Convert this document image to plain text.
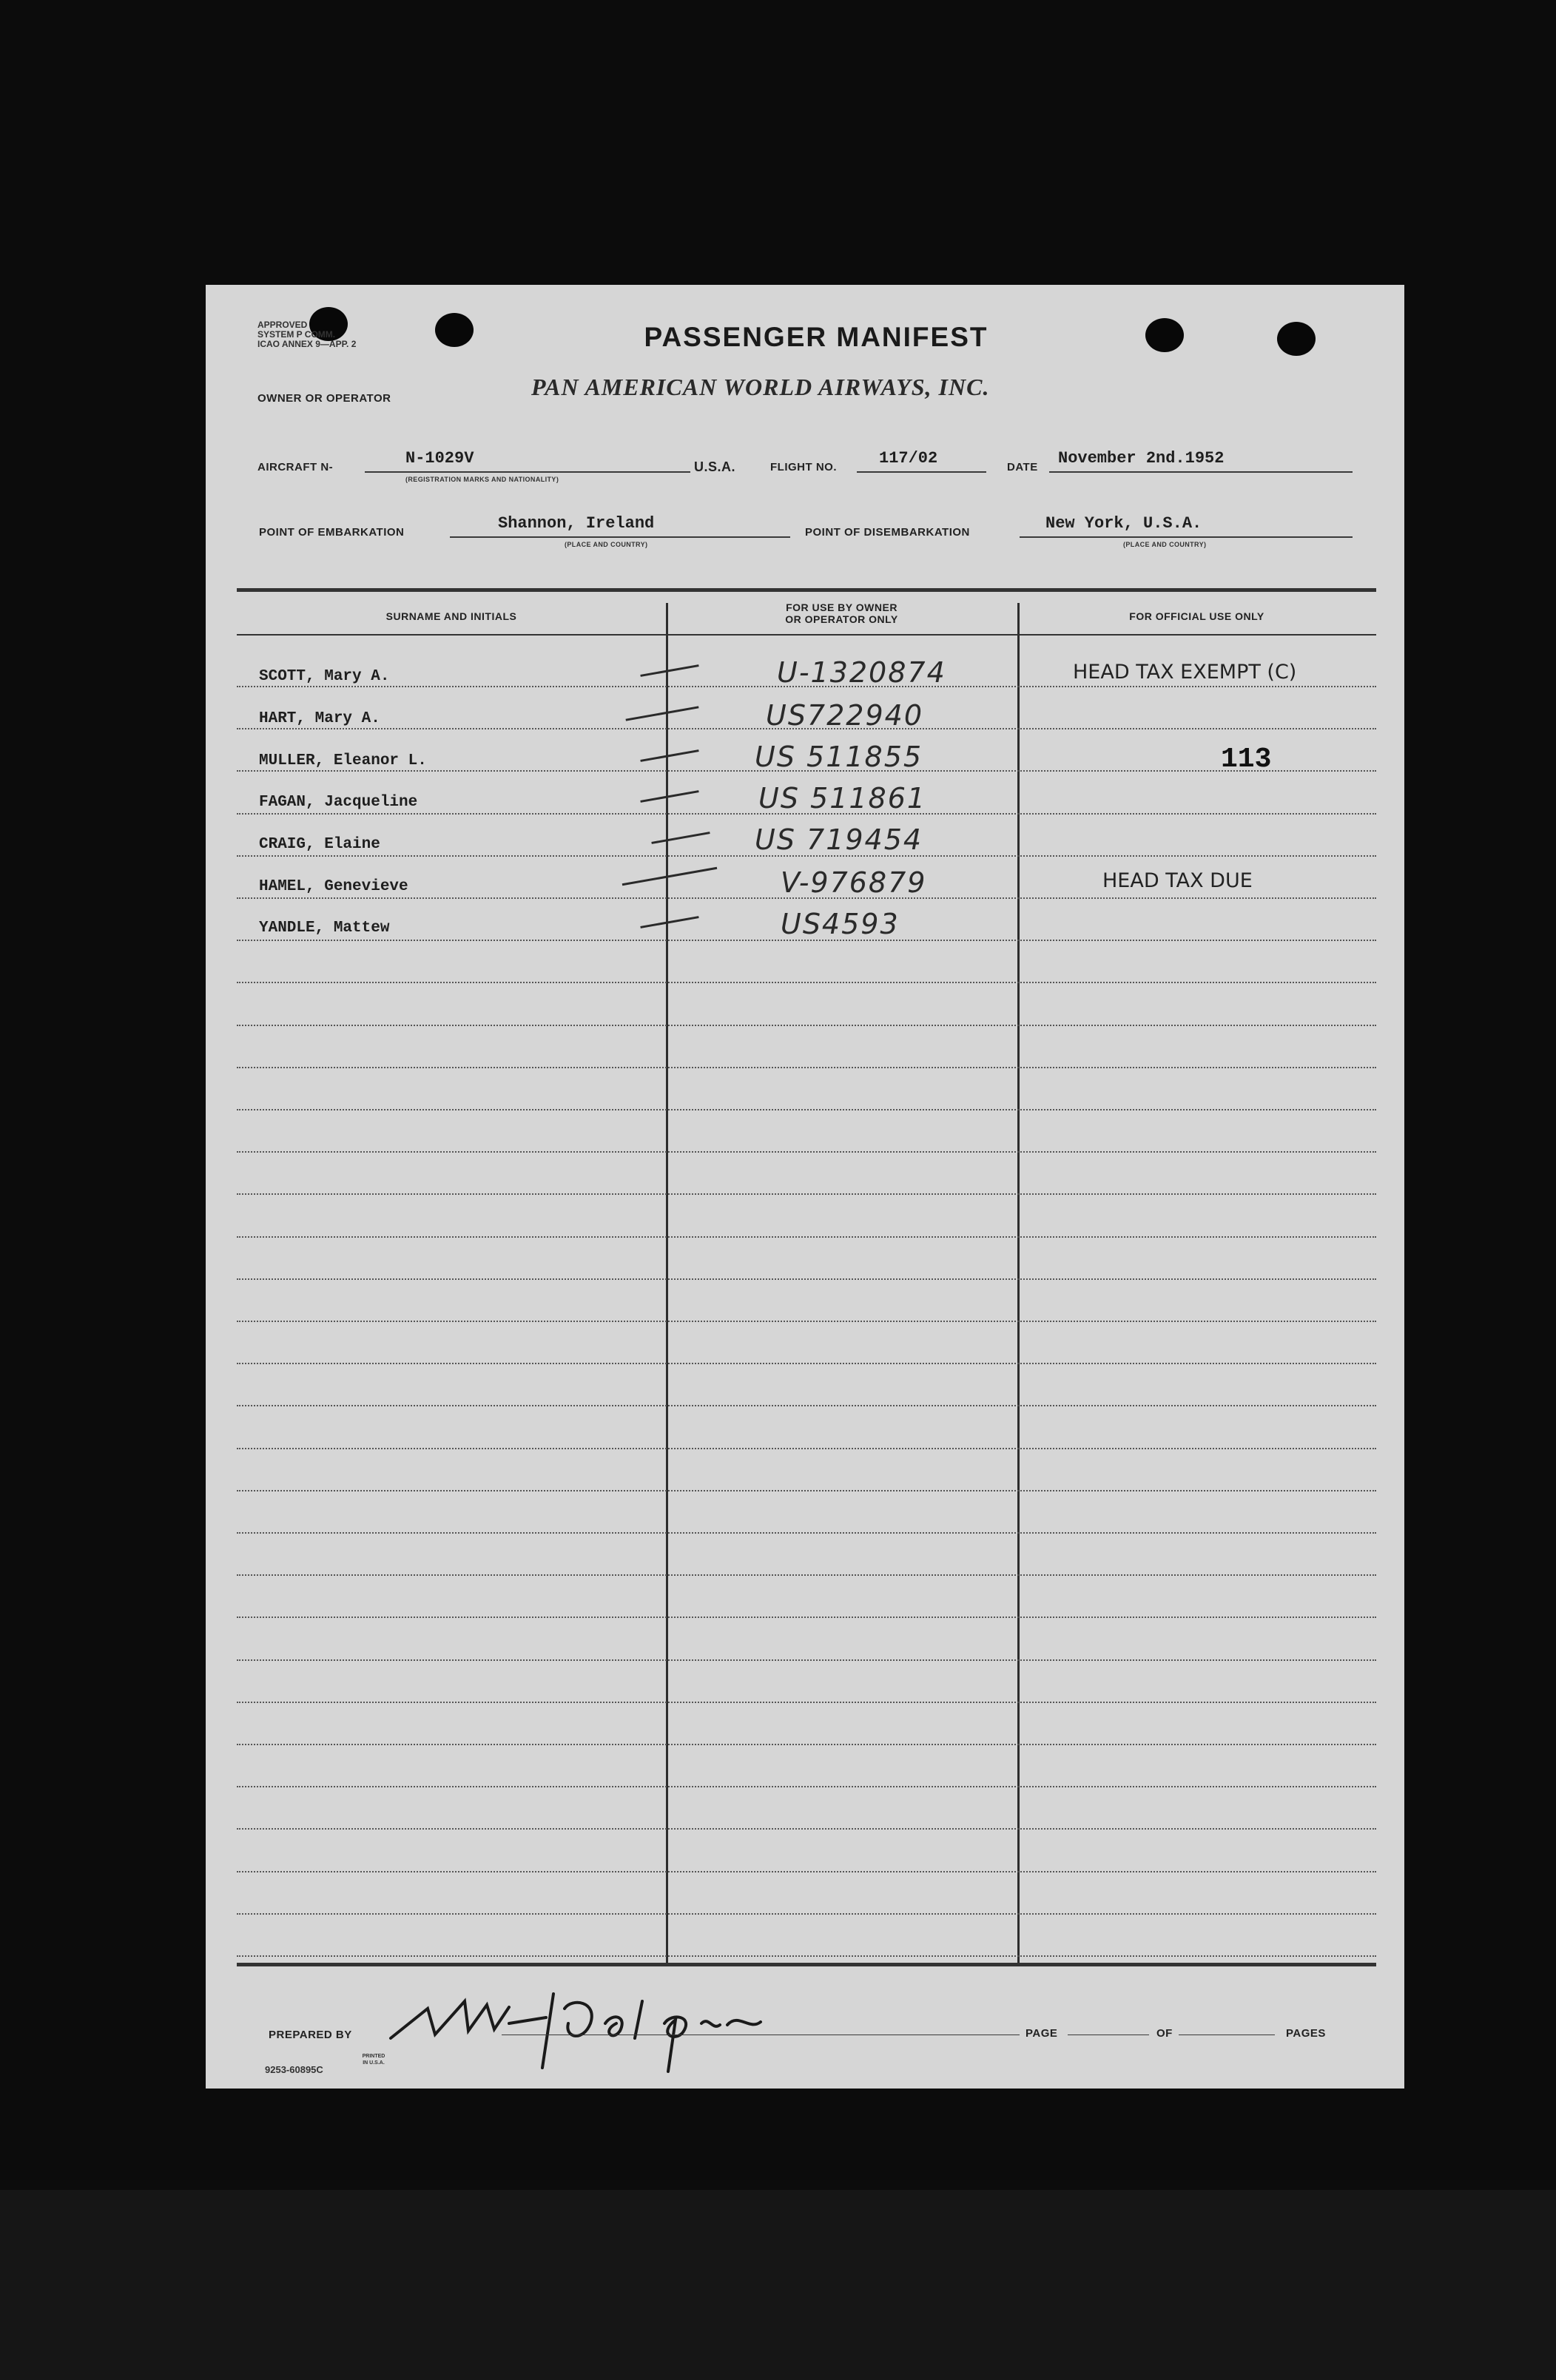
APPROVED
SYSTEM P COMM.
ICAO ANNEX 9—APP. 2	PASSENGER MANIFEST
OWNER OR OPERATOR	PAN AMERICAN WORLD AIRWAYS, INC.
AIRCRAFT N-	N-1029V
(REGISTRATION MARKS AND NATIONALITY)
U.S.A.	FLIGHT NO.	117/02	DATE November 2nd.1952
POINT OF EMBARKATION	Shannon, Ireland
(PLACE AND COUNTRY)
POINT OF DISEMBARKATION	New York, U.S.A.
(PLACE AND COUNTRY)
SURNAME AND INITIALS
FOR USE BY OWNER
OR OPERATOR ONLY	FOR OFFICIAL USE ONLY
SCOTT, Mary A.	U-1320874	HEAD TAX EXEMPT (C)
HART, Mary A.	US722940
MULLER, Eleanor L.	US 511855	113
FAGAN, Jacqueline	US 511861
CRAIG, Elaine	US 719454
HAMEL, Genevieve	V-976879	HEAD TAX DUE
YANDLE, Mattew	US4593
PREPARED BY	PAGE	OF	PAGES
9253-60895C
PRINTED IN U.S.A.
